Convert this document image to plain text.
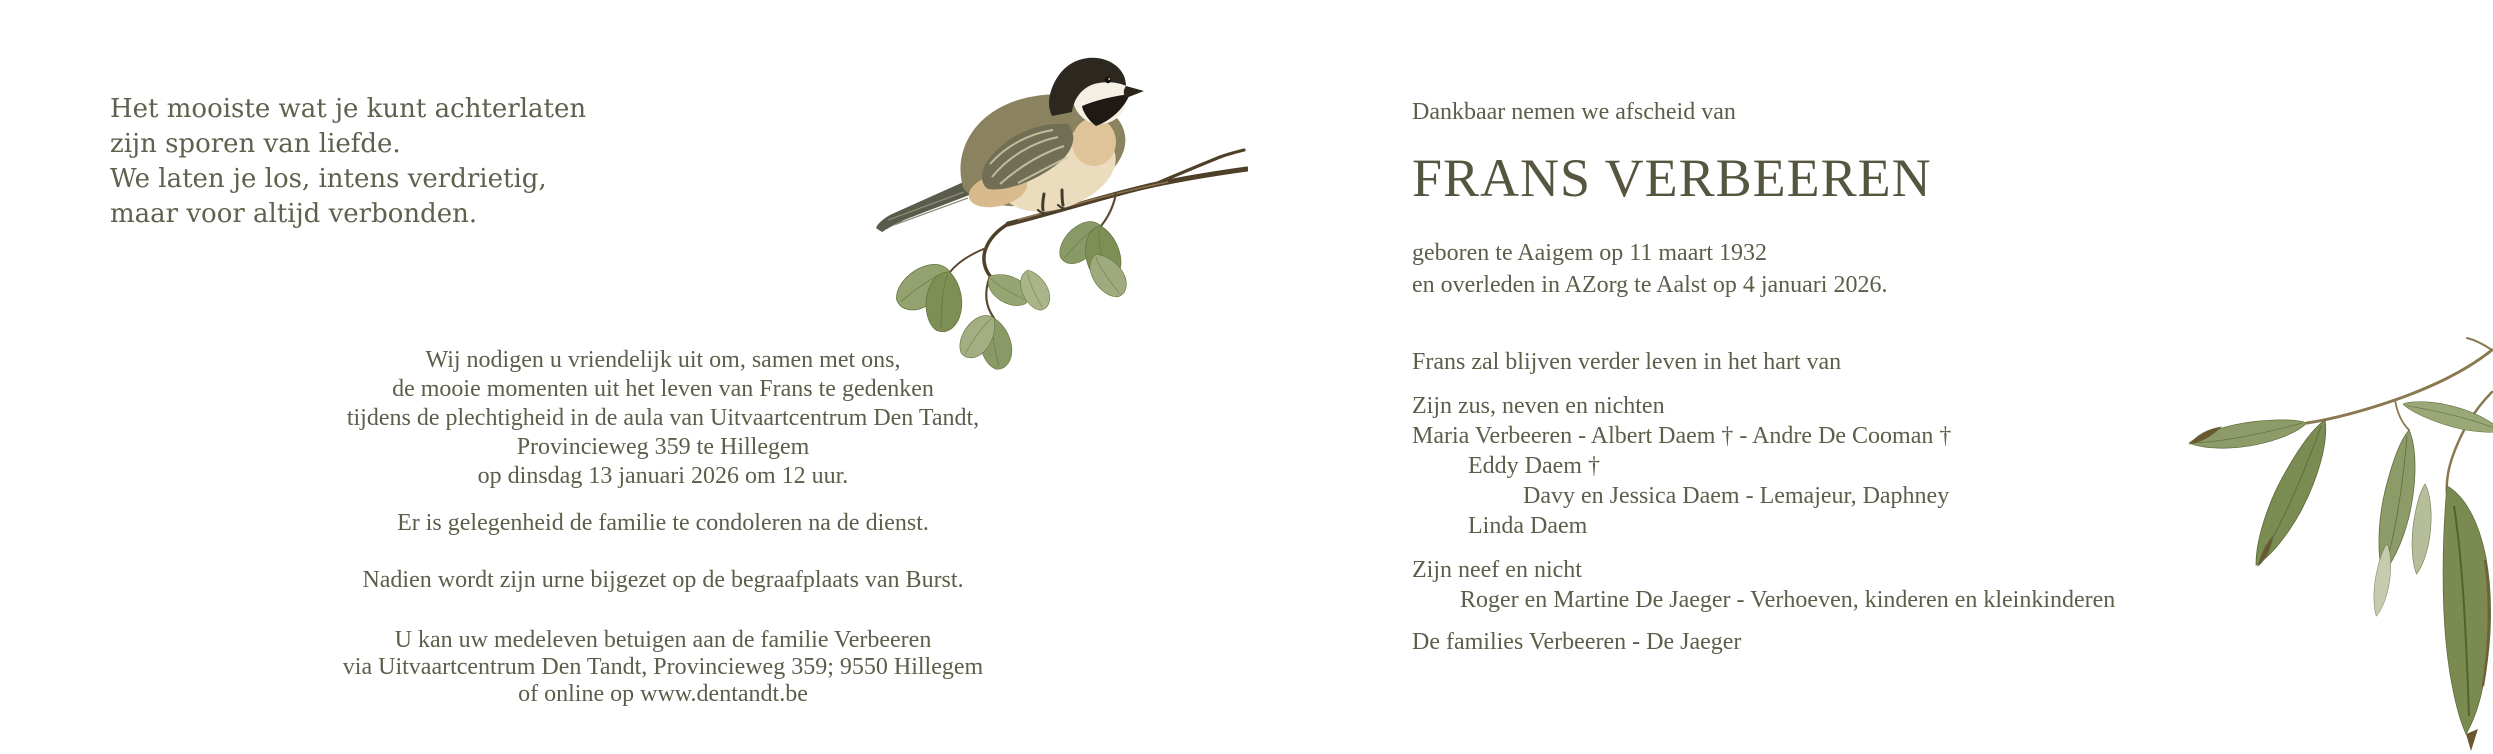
Het mooiste wat je kunt achterlaten
zijn sporen van liefde.
We laten je los, intens verdrietig,
maar voor altijd verbonden.
Wij nodigen u vriendelijk uit om, samen met ons,
de mooie momenten uit het leven van Frans te gedenken
tijdens de plechtigheid in de aula van Uitvaartcentrum Den Tandt,
Provincieweg 359 te Hillegem
op dinsdag 13 januari 2026 om 12 uur.
Er is gelegenheid de familie te condoleren na de dienst.
Nadien wordt zijn urne bijgezet op de begraafplaats van Burst.
U kan uw medeleven betuigen aan de familie Verbeeren
via Uitvaartcentrum Den Tandt, Provincieweg 359; 9550 Hillegem
of online op www.dentandt.be
Dankbaar nemen we afscheid van
FRANS VERBEEREN
geboren te Aaigem op 11 maart 1932
en overleden in AZorg te Aalst op 4 januari 2026.
Frans zal blijven verder leven in het hart van
Zijn zus, neven en nichten
Maria Verbeeren - Albert Daem † - Andre De Cooman †
Eddy Daem †
Davy en Jessica Daem - Lemajeur, Daphney
Linda Daem
Zijn neef en nicht
Roger en Martine De Jaeger - Verhoeven, kinderen en kleinkinderen
De families Verbeeren - De Jaeger
